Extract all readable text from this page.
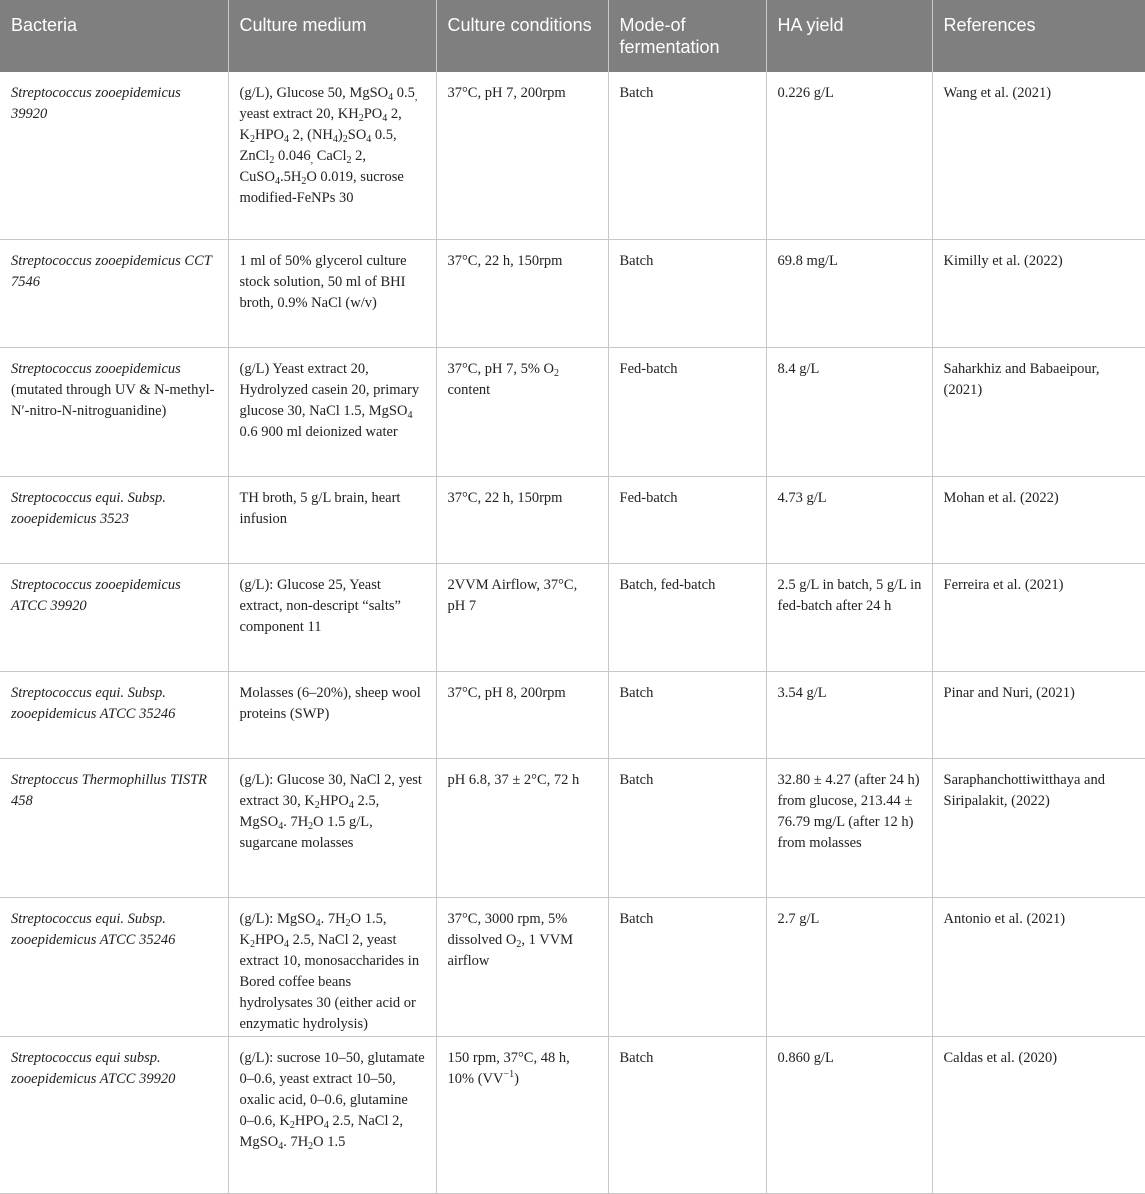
Bacteria	Culture medium	Culture conditions	Mode-of fermentation	HA yield	References
Streptococcus zooepidemicus 39920	(g/L), Glucose 50, MgSO$_4$ $0.5_,$ yeast extract 20, $KH_2PO_4$ 2, $K_2HPO_4$ 2, $(NH_4)_2SO_4$ 0.5, ZnCl$_2$ $0.046_,$ CaCl$_2$ 2, $CuSO_4.5H_2O$ 0.019, sucrose modified-FeNPs 30	37°C, pH 7, 200rpm	Batch	0.226 g/L	Wang et al. (2021)
Streptococcus zooepidemicus CCT 7546	1 ml of 50% glycerol culture stock solution, 50 ml of BHI broth, 0.9% NaCl (w/v)	37°C, 22 h, 150rpm	Batch	69.8 mg/L	Kimilly et al. (2022)
Streptococcus zooepidemicus (mutated through UV & N-methyl-N′-nitro-N-nitroguanidine)	(g/L) Yeast extract 20, Hydrolyzed casein 20, primary glucose 30, NaCl 1.5, MgSO$_4$ 0.6 900 ml deionized water	37°C, pH 7, 5% $O_2$ content	Fed-batch	8.4 g/L	Saharkhiz and Babaeipour, (2021)
Streptococcus equi. Subsp. zooepidemicus 3523	TH broth, 5 g/L brain, heart infusion	37°C, 22 h, 150rpm	Fed-batch	4.73 g/L	Mohan et al. (2022)
Streptococcus zooepidemicus ATCC 39920	(g/L): Glucose 25, Yeast extract, non-descript “salts” component 11	2VVM Airflow, 37°C, pH 7	Batch, fed-batch	2.5 g/L in batch, 5 g/L in fed-batch after 24 h	Ferreira et al. (2021)
Streptococcus equi. Subsp. zooepidemicus ATCC 35246	Molasses (6–20%), sheep wool proteins (SWP)	37°C, pH 8, 200rpm	Batch	3.54 g/L	Pinar and Nuri, (2021)
Streptoccus Thermophillus TISTR 458	(g/L): Glucose 30, NaCl 2, yest extract 30, $K_2HPO_4$ 2.5, MgSO$_4$. $7H_2O$ 1.5 g/L, sugarcane molasses	pH 6.8, 37 ± 2°C, 72 h	Batch	32.80 ± 4.27 (after 24 h) from glucose, 213.44 ± 76.79 mg/L (after 12 h) from molasses	Saraphanchottiwitthaya and Siripalakit, (2022)
Streptococcus equi. Subsp. zooepidemicus ATCC 35246	(g/L): MgSO$_4$. $7H_2O$ 1.5, $K_2HPO_4$ 2.5, NaCl 2, yeast extract 10, monosaccharides in Bored coffee beans hydrolysates 30 (either acid or enzymatic hydrolysis)	37°C, 3000 rpm, 5% dissolved $O_2$, 1 VVM airflow	Batch	2.7 g/L	Antonio et al. (2021)
Streptococcus equi subsp. zooepidemicus ATCC 39920	(g/L): sucrose 10–50, glutamate 0–0.6, yeast extract 10–50, oxalic acid, 0–0.6, glutamine 0–0.6, $K_2HPO_4$ 2.5, NaCl 2, MgSO$_4$. $7H_2O$ 1.5	150 rpm, 37°C, 48 h, 10% $(VV^{-1})$	Batch	0.860 g/L	Caldas et al. (2020)
